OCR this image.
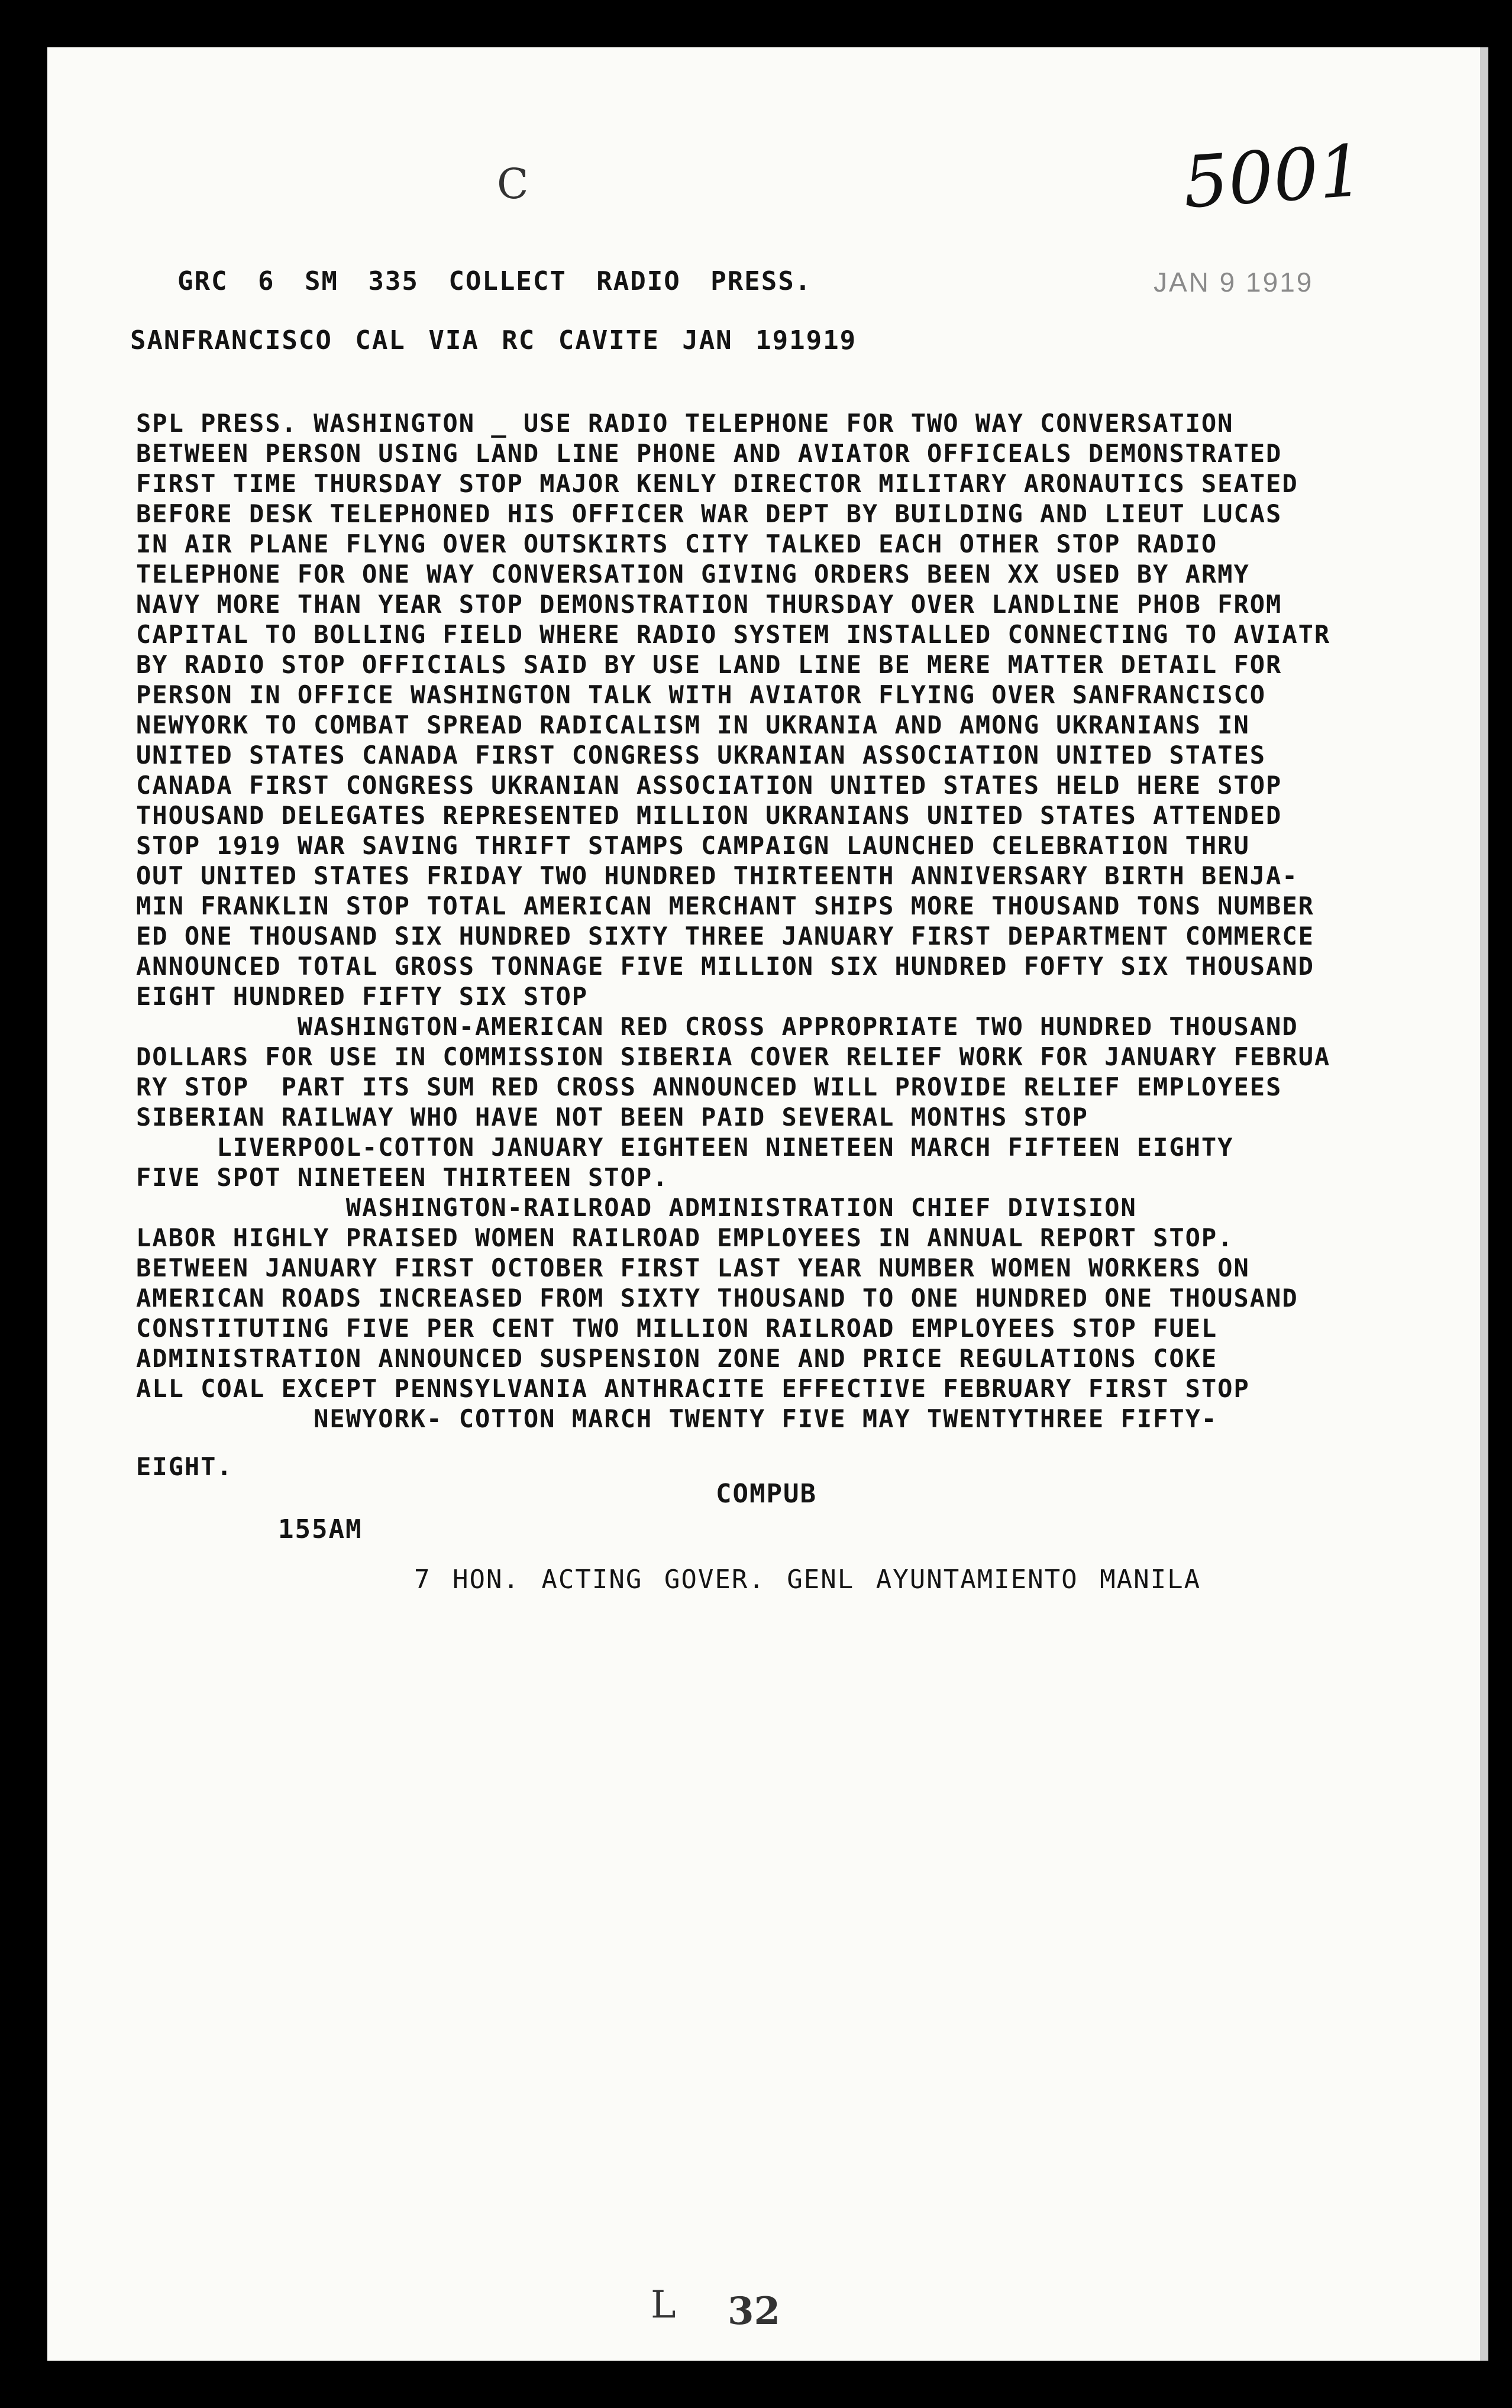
C	5001
JAN 9 1919
GRC 6 SM 335 COLLECT RADIO PRESS.
SANFRANCISCO CAL VIA RC CAVITE JAN 191919
SPL PRESS. WASHINGTON _ USE RADIO TELEPHONE FOR TWO WAY CONVERSATION
BETWEEN PERSON USING LAND LINE PHONE AND AVIATOR OFFICEALS DEMONSTRATED
FIRST TIME THURSDAY STOP MAJOR KENLY DIRECTOR MILITARY ARONAUTICS SEATED
BEFORE DESK TELEPHONED HIS OFFICER WAR DEPT BY BUILDING AND LIEUT LUCAS
IN AIR PLANE FLYNG OVER OUTSKIRTS CITY TALKED EACH OTHER STOP RADIO
TELEPHONE FOR ONE WAY CONVERSATION GIVING ORDERS BEEN XX USED BY ARMY
NAVY MORE THAN YEAR STOP DEMONSTRATION THURSDAY OVER LANDLINE PHOB FROM
CAPITAL TO BOLLING FIELD WHERE RADIO SYSTEM INSTALLED CONNECTING TO AVIATR
BY RADIO STOP OFFICIALS SAID BY USE LAND LINE BE MERE MATTER DETAIL FOR
PERSON IN OFFICE WASHINGTON TALK WITH AVIATOR FLYING OVER SANFRANCISCO
NEWYORK TO COMBAT SPREAD RADICALISM IN UKRANIA AND AMONG UKRANIANS IN
UNITED STATES CANADA FIRST CONGRESS UKRANIAN ASSOCIATION UNITED STATES
CANADA FIRST CONGRESS UKRANIAN ASSOCIATION UNITED STATES HELD HERE STOP
THOUSAND DELEGATES REPRESENTED MILLION UKRANIANS UNITED STATES ATTENDED
STOP 1919 WAR SAVING THRIFT STAMPS CAMPAIGN LAUNCHED CELEBRATION THRU
OUT UNITED STATES FRIDAY TWO HUNDRED THIRTEENTH ANNIVERSARY BIRTH BENJA-
MIN FRANKLIN STOP TOTAL AMERICAN MERCHANT SHIPS MORE THOUSAND TONS NUMBER
ED ONE THOUSAND SIX HUNDRED SIXTY THREE JANUARY FIRST DEPARTMENT COMMERCE
ANNOUNCED TOTAL GROSS TONNAGE FIVE MILLION SIX HUNDRED FOFTY SIX THOUSAND
EIGHT HUNDRED FIFTY SIX STOP
WASHINGTON-AMERICAN RED CROSS APPROPRIATE TWO HUNDRED THOUSAND
DOLLARS FOR USE IN COMMISSION SIBERIA COVER RELIEF WORK FOR JANUARY FEBRUA
RY STOP  PART ITS SUM RED CROSS ANNOUNCED WILL PROVIDE RELIEF EMPLOYEES
SIBERIAN RAILWAY WHO HAVE NOT BEEN PAID SEVERAL MONTHS STOP
LIVERPOOL-COTTON JANUARY EIGHTEEN NINETEEN MARCH FIFTEEN EIGHTY
FIVE SPOT NINETEEN THIRTEEN STOP.
WASHINGTON-RAILROAD ADMINISTRATION CHIEF DIVISION
LABOR HIGHLY PRAISED WOMEN RAILROAD EMPLOYEES IN ANNUAL REPORT STOP.
BETWEEN JANUARY FIRST OCTOBER FIRST LAST YEAR NUMBER WOMEN WORKERS ON
AMERICAN ROADS INCREASED FROM SIXTY THOUSAND TO ONE HUNDRED ONE THOUSAND
CONSTITUTING FIVE PER CENT TWO MILLION RAILROAD EMPLOYEES STOP FUEL
ADMINISTRATION ANNOUNCED SUSPENSION ZONE AND PRICE REGULATIONS COKE
ALL COAL EXCEPT PENNSYLVANIA ANTHRACITE EFFECTIVE FEBRUARY FIRST STOP
NEWYORK- COTTON MARCH TWENTY FIVE MAY TWENTYTHREE FIFTY-
EIGHT.
COMPUB
155AM
7 HON. ACTING GOVER. GENL AYUNTAMIENTO MANILA
L 32
